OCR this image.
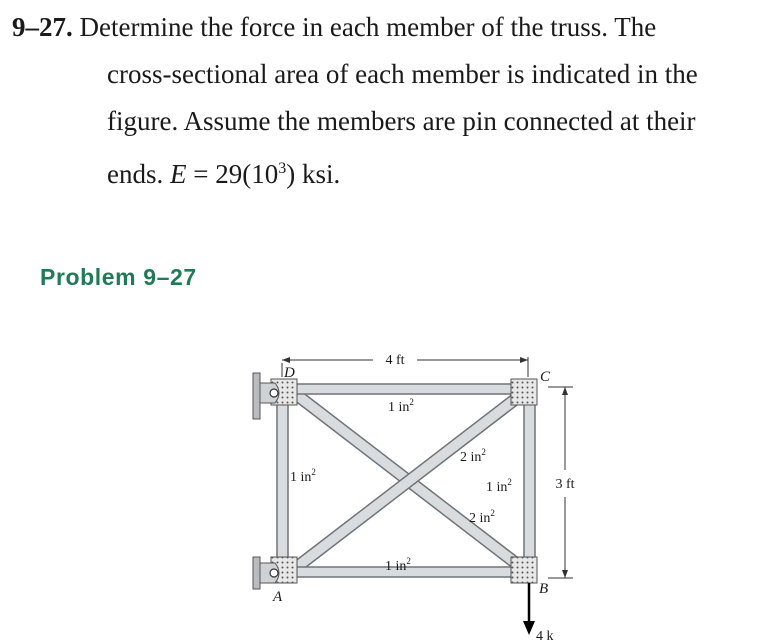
9–27. Determine the force in each member of the truss. The
cross-sectional area of each member is indicated in the
figure. Assume the members are pin connected at their
ends. $E = 29(10^3)$ ksi.
Problem 9–27
4 ft
3 ft
4 k
D	C
A	B
1 $in^2$
1 $in^2$
2 $in^2$
1 $in^2$
2 $in^2$
1 $in^2$
